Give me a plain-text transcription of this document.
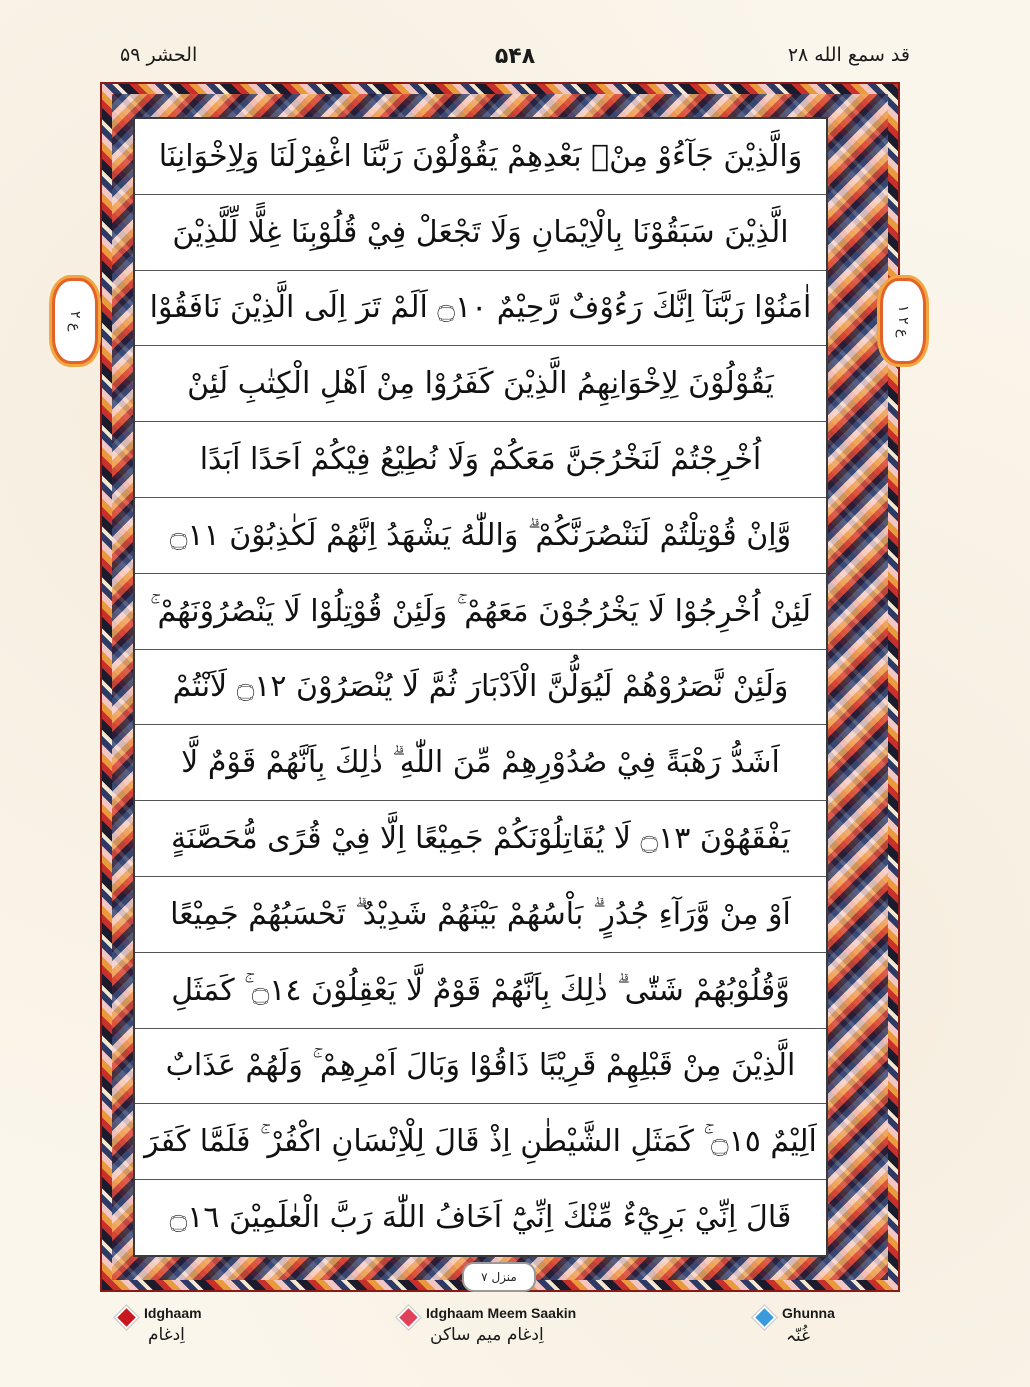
قد سمع الله ٢٨
۵۴۸
الحشر ۵۹
وَالَّذِيْنَ جَآءُوْ مِنْۢ بَعْدِهِمْ يَقُوْلُوْنَ رَبَّنَا اغْفِرْلَنَا وَلِاِخْوَانِنَا
الَّذِيْنَ سَبَقُوْنَا بِالْاِيْمَانِ وَلَا تَجْعَلْ فِيْ قُلُوْبِنَا غِلًّا لِّلَّذِيْنَ
اٰمَنُوْا رَبَّنَآ اِنَّكَ رَءُوْفٌ رَّحِيْمٌ ۝١٠ اَلَمْ تَرَ اِلَى الَّذِيْنَ نَافَقُوْا
يَقُوْلُوْنَ لِاِخْوَانِهِمُ الَّذِيْنَ كَفَرُوْا مِنْ اَهْلِ الْكِتٰبِ لَئِنْ
اُخْرِجْتُمْ لَنَخْرُجَنَّ مَعَكُمْ وَلَا نُطِيْعُ فِيْكُمْ اَحَدًا اَبَدًا
وَّاِنْ قُوْتِلْتُمْ لَنَنْصُرَنَّكُمْ ۗ وَاللّٰهُ يَشْهَدُ اِنَّهُمْ لَكٰذِبُوْنَ ۝١١
لَئِنْ اُخْرِجُوْا لَا يَخْرُجُوْنَ مَعَهُمْ ۚ وَلَئِنْ قُوْتِلُوْا لَا يَنْصُرُوْنَهُمْ ۚ
وَلَئِنْ نَّصَرُوْهُمْ لَيُوَلُّنَّ الْاَدْبَارَ ثُمَّ لَا يُنْصَرُوْنَ ۝١٢ لَاَنْتُمْ
اَشَدُّ رَهْبَةً فِيْ صُدُوْرِهِمْ مِّنَ اللّٰهِ ۗ ذٰلِكَ بِاَنَّهُمْ قَوْمٌ لَّا
يَفْقَهُوْنَ ۝١٣ لَا يُقَاتِلُوْنَكُمْ جَمِيْعًا اِلَّا فِيْ قُرًى مُّحَصَّنَةٍ
اَوْ مِنْ وَّرَآءِ جُدُرٍ ۗ بَاْسُهُمْ بَيْنَهُمْ شَدِيْدٌ ۗ تَحْسَبُهُمْ جَمِيْعًا
وَّقُلُوْبُهُمْ شَتّٰى ۗ ذٰلِكَ بِاَنَّهُمْ قَوْمٌ لَّا يَعْقِلُوْنَ ۝١٤ ۚ كَمَثَلِ
الَّذِيْنَ مِنْ قَبْلِهِمْ قَرِيْبًا ذَاقُوْا وَبَالَ اَمْرِهِمْ ۚ وَلَهُمْ عَذَابٌ
اَلِيْمٌ ۝١٥ ۚ كَمَثَلِ الشَّيْطٰنِ اِذْ قَالَ لِلْاِنْسَانِ اكْفُرْ ۚ فَلَمَّا كَفَرَ
قَالَ اِنِّيْ بَرِيْٓءٌ مِّنْكَ اِنِّيْٓ اَخَافُ اللّٰهَ رَبَّ الْعٰلَمِيْنَ ۝١٦
ع ۲
۱ ع ۲
منزل ۷
Idghaam
اِدغام
Idghaam Meem Saakin
اِدغام میم ساکن
Ghunna
غُنّہ
